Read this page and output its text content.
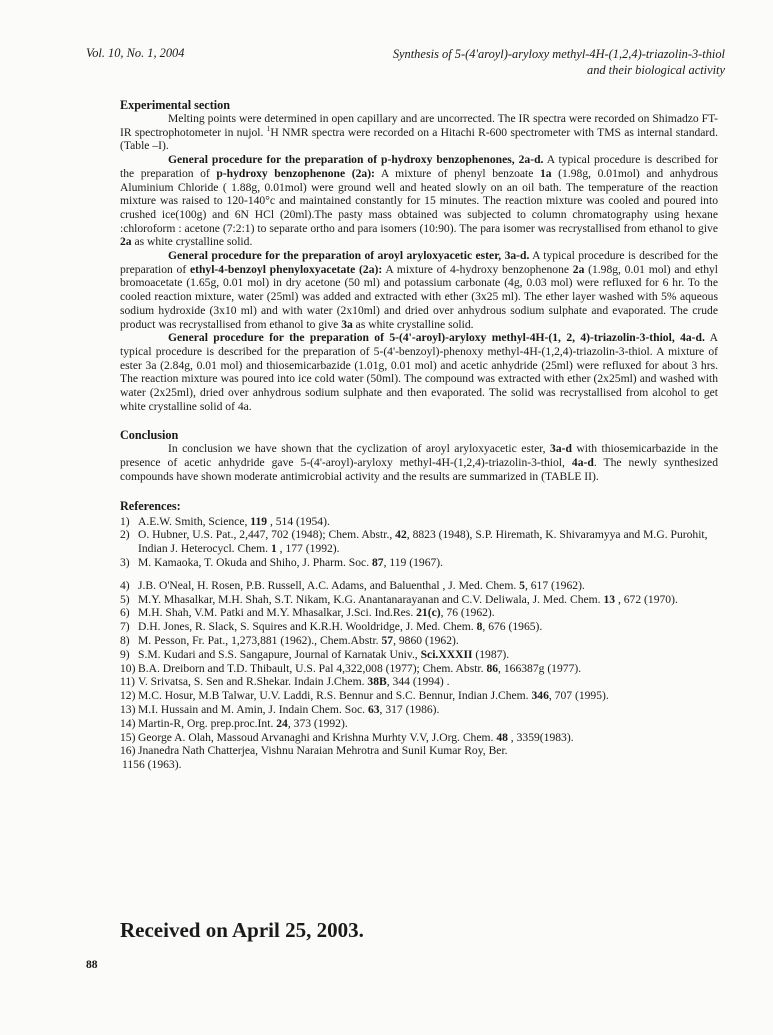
Vol. 10, No. 1, 2004	Synthesis of 5-(4'aroyl)-aryloxy methyl-4H-(1,2,4)-triazolin-3-thiol
and their biological activity
Experimental section

Melting points were determined in open capillary and are uncorrected. The IR spectra were recorded on Shimadzo FT-IR spectrophotometer in nujol. $^1$H NMR spectra were recorded on a Hitachi R-600 spectrometer with TMS as internal standard.(Table –I).

General procedure for the preparation of p-hydroxy benzophenones, 2a-d. A typical procedure is described for the preparation of p-hydroxy benzophenone (2a): A mixture of phenyl benzoate 1a (1.98g, 0.01mol) and anhydrous Aluminium Chloride ( 1.88g, 0.01mol) were ground well and heated slowly on an oil bath. The temperature of the reaction mixture was raised to 120-140°c and maintained constantly for 15 minutes. The reaction mixture was cooled and poured into crushed ice(100g) and 6N HCl (20ml).The pasty mass obtained was subjected to column chromatography using hexane :chloroform : acetone (7:2:1) to separate ortho and para isomers (10:90). The para isomer was recrystallised from ethanol to give 2a as white crystalline solid.

General procedure for the preparation of aroyl aryloxyacetic ester, 3a-d. A typical procedure is described for the preparation of ethyl-4-benzoyl phenyloxyacetate (2a): A mixture of 4-hydroxy benzophenone 2a (1.98g, 0.01 mol) and ethyl bromoacetate (1.65g, 0.01 mol) in dry acetone (50 ml) and potassium carbonate (4g, 0.03 mol) were refluxed for 6 hr. To the cooled reaction mixture, water (25ml) was added and extracted with ether (3x25 ml). The ether layer washed with 5% aqueous sodium hydroxide (3x10 ml) and with water (2x10ml) and dried over anhydrous sodium sulphate and evaporated. The crude product was recrystallised from ethanol to give 3a as white crystalline solid.

General procedure for the preparation of 5-(4'-aroyl)-aryloxy methyl-4H-(1, 2, 4)-triazolin-3-thiol, 4a-d. A typical procedure is described for the preparation of 5-(4'-benzoyl)-phenoxy methyl-4H-(1,2,4)-triazolin-3-thiol. A mixture of ester 3a (2.84g, 0.01 mol) and thiosemicarbazide (1.01g, 0.01 mol) and acetic anhydride (25ml) were refluxed for about 3 hrs. The reaction mixture was poured into ice cold water (50ml). The compound was extracted with ether (2x25ml) and washed with water (2x25ml), dried over anhydrous sodium sulphate and then evaporated. The solid was recrystallised from alcohol to get white crystalline solid of 4a.

Conclusion

In conclusion we have shown that the cyclization of aroyl aryloxyacetic ester, 3a-d with thiosemicarbazide in the presence of acetic anhydride gave 5-(4'-aroyl)-aryloxy methyl-4H-(1,2,4)-triazolin-3-thiol, 4a-d. The newly synthesized compounds have shown moderate antimicrobial activity and the results are summarized in (TABLE II).

References:
1) A.E.W. Smith, Science, 119 , 514 (1954).
2) O. Hubner, U.S. Pat., 2,447, 702 (1948); Chem. Abstr., 42, 8823 (1948), S.P. Hiremath, K. Shivaramyya and M.G. Purohit, Indian J. Heterocycl. Chem. 1 , 177 (1992).
3) M. Kamaoka, T. Okuda and Shiho, J. Pharm. Soc. 87, 119 (1967).
4) J.B. O'Neal, H. Rosen, P.B. Russell, A.C. Adams, and Baluenthal , J. Med. Chem. 5, 617 (1962).
5) M.Y. Mhasalkar, M.H. Shah, S.T. Nikam, K.G. Anantanarayanan and C.V. Deliwala, J. Med. Chem. 13 , 672 (1970).
6) M.H. Shah, V.M. Patki and M.Y. Mhasalkar, J.Sci. Ind.Res. 21(c), 76 (1962).
7) D.H. Jones, R. Slack, S. Squires and K.R.H. Wooldridge, J. Med. Chem. 8, 676 (1965).
8) M. Pesson, Fr. Pat., 1,273,881 (1962)., Chem.Abstr. 57, 9860 (1962).
9) S.M. Kudari and S.S. Sangapure, Journal of Karnatak Univ., Sci.XXXII (1987).
10) B.A. Dreiborn and T.D. Thibault, U.S. Pal 4,322,008 (1977); Chem. Abstr. 86, 166387g (1977).
11) V. Srivatsa, S. Sen and R.Shekar. Indain J.Chem. 38B, 344 (1994) .
12) M.C. Hosur, M.B Talwar, U.V. Laddi, R.S. Bennur and S.C. Bennur, Indian J.Chem. 346, 707 (1995).
13) M.I. Hussain and M. Amin, J. Indain Chem. Soc. 63, 317 (1986).
14) Martin-R, Org. prep.proc.Int. 24, 373 (1992).
15) George A. Olah, Massoud Arvanaghi and Krishna Murhty V.V, J.Org. Chem. 48 , 3359(1983).
16) Jnanedra Nath Chatterjea, Vishnu Naraian Mehrotra and Sunil Kumar Roy, Ber.
1156 (1963).
Received on April 25, 2003.
88
